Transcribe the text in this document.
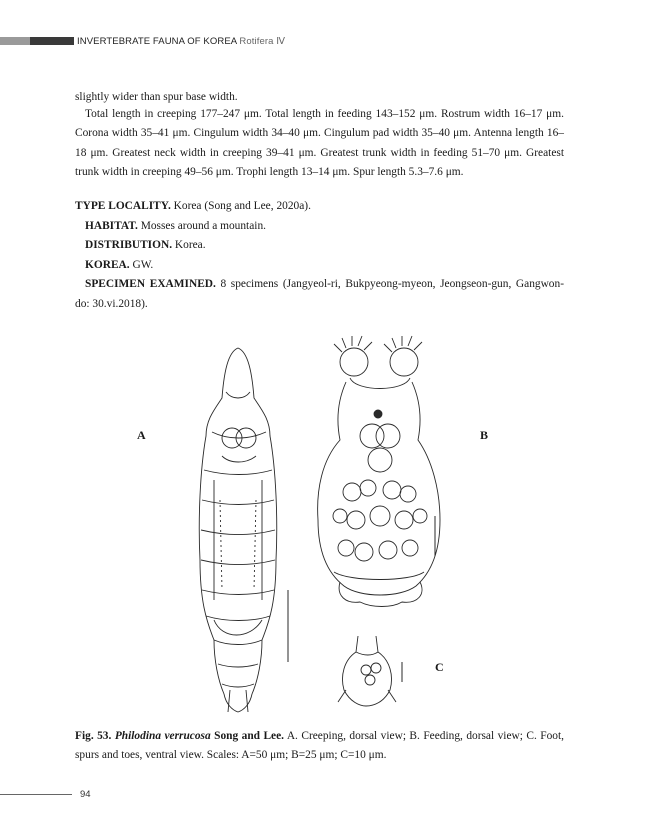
INVERTEBRATE FAUNA OF KOREA Rotifera Ⅳ
slightly wider than spur base width.
Total length in creeping 177–247 μm. Total length in feeding 143–152 μm. Rostrum width 16–17 μm. Corona width 35–41 μm. Cingulum width 34–40 μm. Cingulum pad width 35–40 μm. Antenna length 16–18 μm. Greatest neck width in creeping 39–41 μm. Greatest trunk width in feeding 51–70 μm. Greatest trunk width in creeping 49–56 μm. Trophi length 13–14 μm. Spur length 5.3–7.6 μm.
TYPE LOCALITY. Korea (Song and Lee, 2020a).
HABITAT. Mosses around a mountain.
DISTRIBUTION. Korea.
KOREA. GW.
SPECIMEN EXAMINED. 8 specimens (Jangyeol-ri, Bukpyeong-myeon, Jeongseon-gun, Gangwon-do: 30.vi.2018).
A	B
C
Fig. 53. Philodina verrucosa Song and Lee. A. Creeping, dorsal view; B. Feeding, dorsal view; C. Foot, spurs and toes, ventral view. Scales: A=50 μm; B=25 μm; C=10 μm.
94
